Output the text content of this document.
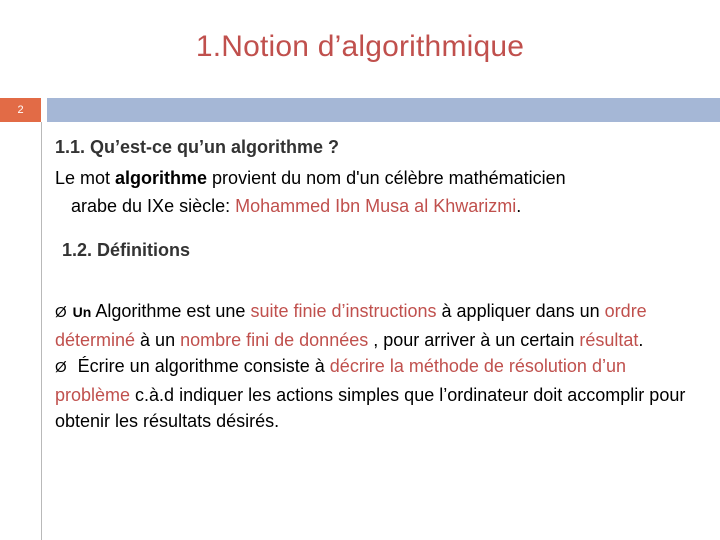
1.Notion d’algorithmique
2
1.1. Qu’est-ce qu’un algorithme ?
Le mot algorithme provient du nom d'un célèbre mathématicien
arabe du IXe siècle: Mohammed Ibn Musa al Khwarizmi.
1.2. Définitions
Ø Un Algorithme est une suite finie d’instructions à appliquer dans un ordre déterminé à un nombre fini de données , pour arriver à un certain résultat.
Ø Écrire un algorithme consiste à décrire la méthode de résolution d’un problème c.à.d indiquer les actions simples que l’ordinateur doit accomplir pour obtenir les résultats désirés.
